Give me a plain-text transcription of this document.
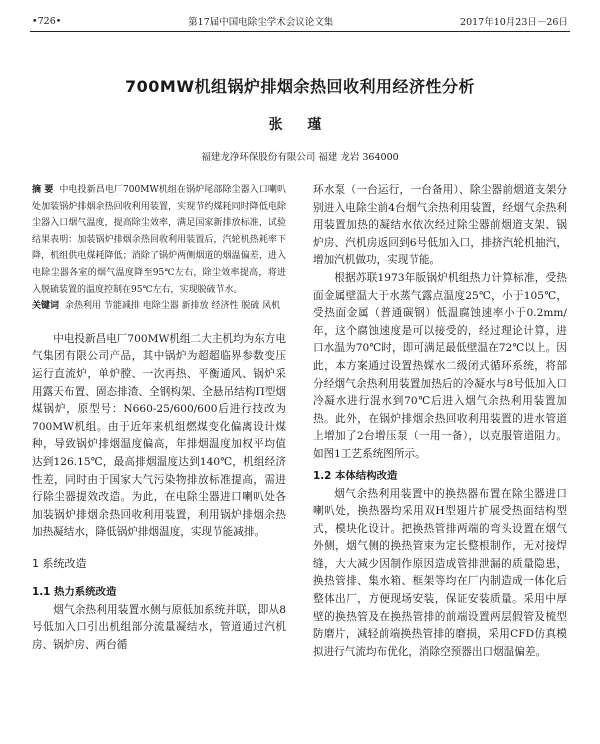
•726•	第17届中国电除尘学术会议论文集	2017年10月23日－26日
700MW机组锅炉排烟余热回收利用经济性分析
张 瑾
福建龙净环保股份有限公司 福建 龙岩 364000

摘 要 中电投新昌电厂700MW机组在锅炉尾部除尘器入口喇叭处加装锅炉排烟余热回收利用装置，实现节约煤耗同时降低电除尘器入口烟气温度，提高除尘效率，满足国家新排放标准，试验结果表明：加装锅炉排烟余热回收利用装置后，汽轮机热耗率下降，机组供电煤耗降低；消除了锅炉两侧烟道的烟温偏差，进入电除尘器各室的烟气温度降至95℃左右，除尘效率提高，将进入脱硫装置的温度控制在95℃左右，实现脱硫节水。

关键词 余热利用 节能减排 电除尘器 新排放 经济性 脱硫 风机

中电投新昌电厂700MW机组二大主机均为东方电气集团有限公司产品，其中锅炉为超超临界参数变压运行直流炉，单炉膛、一次再热、平衡通风、锅炉采用露天布置、固态排渣、全钢构架、全悬吊结构П型烟煤锅炉，原型号：N660-25/600/600后进行技改为700MW机组。由于近年来机组燃煤变化偏离设计煤种，导致锅炉排烟温度偏高，年排烟温度加权平均值达到126.15℃，最高排烟温度达到140℃，机组经济性差，同时由于国家大气污染物排放标准提高，需进行除尘器提效改造。为此，在电除尘器进口喇叭处各加装锅炉排烟余热回收利用装置，利用锅炉排烟余热加热凝结水，降低锅炉排烟温度，实现节能减排。

1 系统改造
1.1 热力系统改造

烟气余热利用装置水侧与原低加系统并联，即从8号低加入口引出机组部分流量凝结水，管道通过汽机房、锅炉房、两台循

环水泵（一台运行，一台备用）、除尘器前烟道支架分别进入电除尘前4台烟气余热利用装置，经烟气余热利用装置加热的凝结水依次经过除尘器前烟道支架、锅炉房、汽机房返回到6号低加入口，排挤汽轮机抽汽，增加汽机做功，实现节能。

根据苏联1973年版锅炉机组热力计算标准，受热面金属壁温大于水蒸气露点温度25℃，小于105℃，受热面金属（普通碳钢）低温腐蚀速率小于0.2mm/年，这个腐蚀速度是可以接受的，经过理论计算，进口水温为70℃时，即可满足最低壁温在72℃以上。因此，本方案通过设置热媒水二级闭式循环系统，将部分经烟气余热利用装置加热后的冷凝水与8号低加入口冷凝水进行混水到70℃后进入烟气余热利用装置加热。此外，在锅炉排烟余热回收利用装置的进水管道上增加了2台增压泵（一用一备），以克服管道阻力。如图1工艺系统图所示。

1.2 本体结构改造

烟气余热利用装置中的换热器布置在除尘器进口喇叭处，换热器均采用双H型翅片扩展受热面结构型式，模块化设计。把换热管排两端的弯头设置在烟气外侧，烟气侧的换热管束为定长整根制作，无对接焊缝，大大减少因制作原因造成管排泄漏的质量隐患，换热管排、集水箱、框架等均在厂内制造成一体化后整体出厂，方便现场安装，保证安装质量。采用中厚壁的换热管及在换热管排的前端设置两层假管及梳型防磨片，减轻前端换热管排的磨损，采用CFD仿真模拟进行气流均布优化，消除空预器出口烟温偏差。
